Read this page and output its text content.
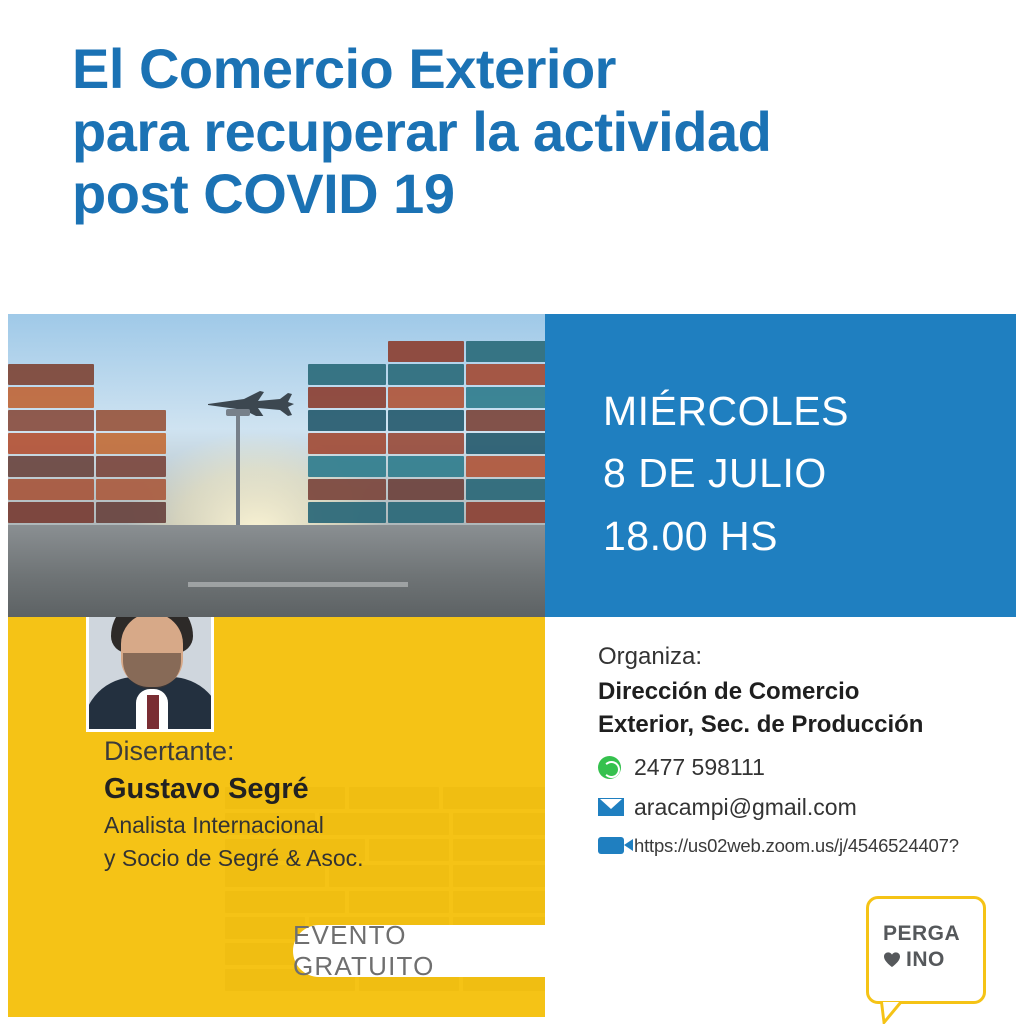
El Comercio Exterior
para recuperar la actividad
post COVID 19
MIÉRCOLES
8 DE JULIO
18.00 HS
Disertante:
Gustavo Segré
Analista Internacional
y Socio de Segré & Asoc.
EVENTO GRATUITO
Organiza:
Dirección de Comercio
Exterior, Sec. de Producción
2477 598111
aracampi@gmail.com
https://us02web.zoom.us/j/4546524407?
PERGA
INO
